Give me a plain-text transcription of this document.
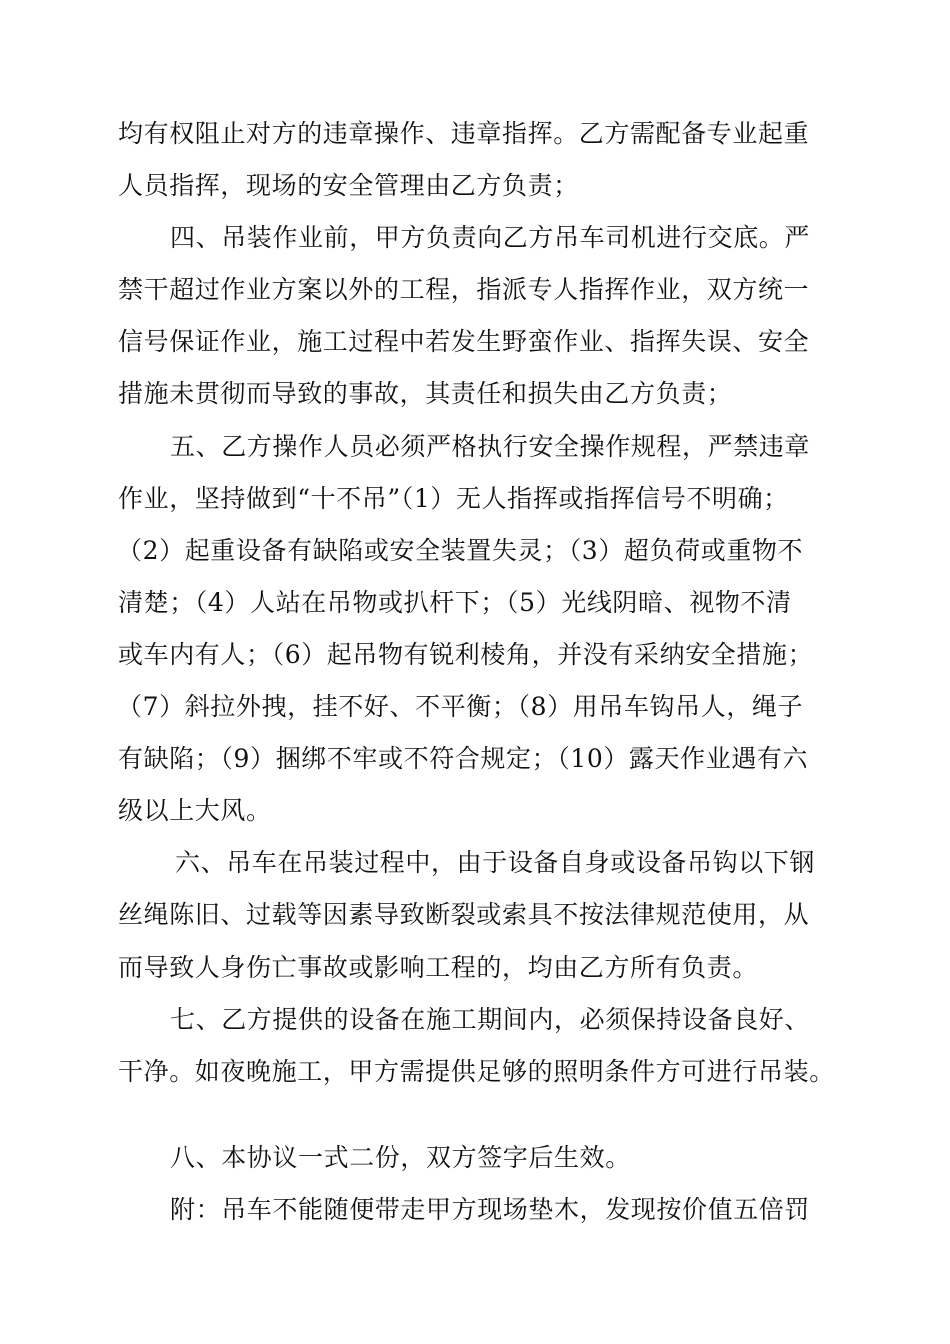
均有权阻止对方的违章操作、违章指挥。乙方需配备专业起重
人员指挥，现场的安全管理由乙方负责；
四、吊装作业前，甲方负责向乙方吊车司机进行交底。严
禁干超过作业方案以外的工程，指派专人指挥作业，双方统一
信号保证作业，施工过程中若发生野蛮作业、指挥失误、安全
措施未贯彻而导致的事故，其责任和损失由乙方负责；
五、乙方操作人员必须严格执行安全操作规程，严禁违章
作业，坚持做到“十不吊”（1）无人指挥或指挥信号不明确；
（2）起重设备有缺陷或安全装置失灵；（3）超负荷或重物不
清楚；（4）人站在吊物或扒杆下；（5）光线阴暗、视物不清
或车内有人；（6）起吊物有锐利棱角，并没有采纳安全措施；
（7）斜拉外拽，挂不好、不平衡；（8）用吊车钩吊人，绳子
有缺陷；（9）捆绑不牢或不符合规定；（10）露天作业遇有六
级以上大风。
六、吊车在吊装过程中，由于设备自身或设备吊钩以下钢
丝绳陈旧、过载等因素导致断裂或索具不按法律规范使用，从
而导致人身伤亡事故或影响工程的，均由乙方所有负责。
七、乙方提供的设备在施工期间内，必须保持设备良好、
干净。如夜晚施工，甲方需提供足够的照明条件方可进行吊装。
八、本协议一式二份，双方签字后生效。
附：吊车不能随便带走甲方现场垫木，发现按价值五倍罚
